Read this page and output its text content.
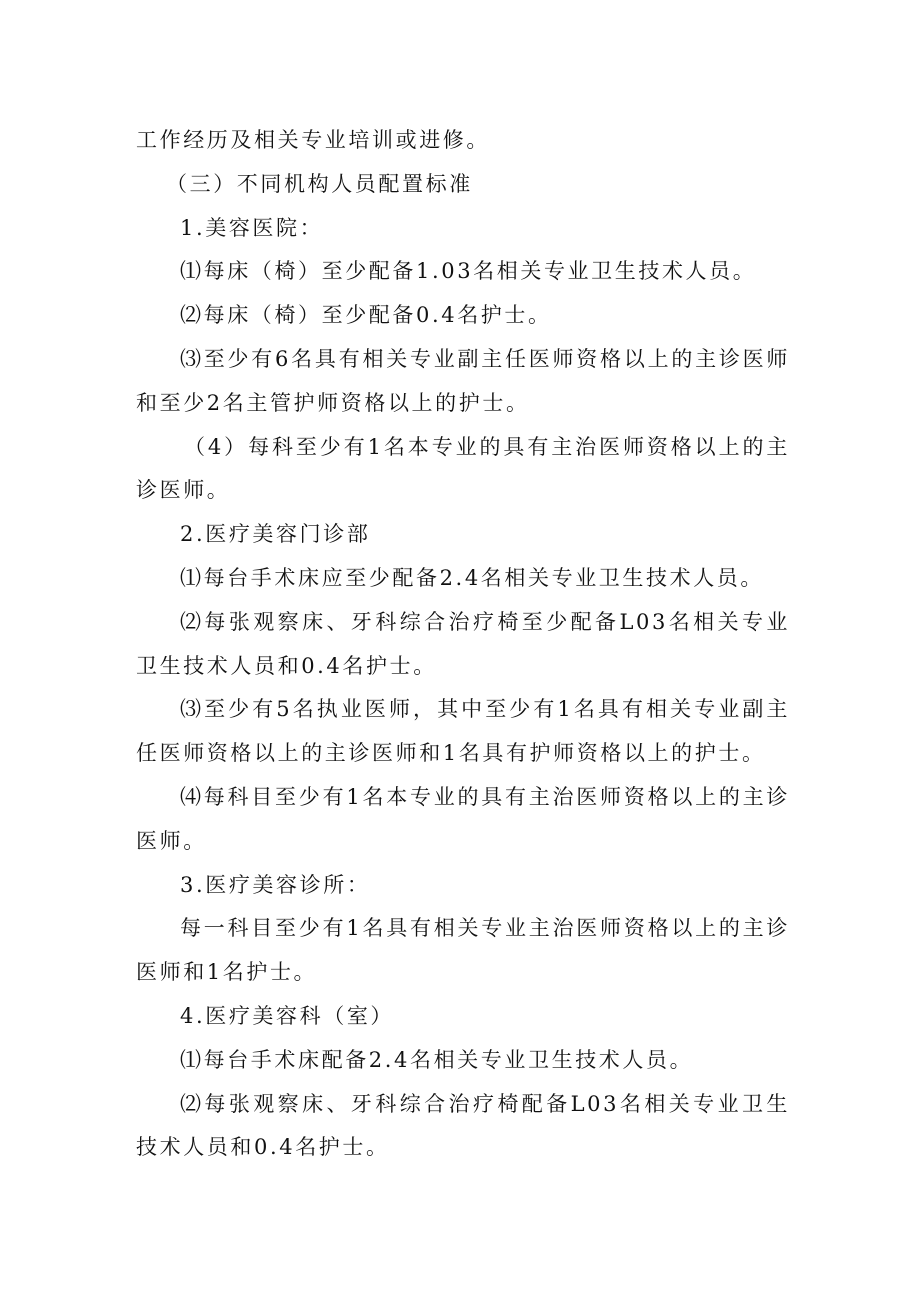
工作经历及相关专业培训或进修。

（三）不同机构人员配置标准

1.美容医院：

⑴每床（椅）至少配备1.03名相关专业卫生技术人员。

⑵每床（椅）至少配备0.4名护士。

⑶至少有6名具有相关专业副主任医师资格以上的主诊医师和至少2名主管护师资格以上的护士。

（4）每科至少有1名本专业的具有主治医师资格以上的主诊医师。

2.医疗美容门诊部

⑴每台手术床应至少配备2.4名相关专业卫生技术人员。

⑵每张观察床、牙科综合治疗椅至少配备L03名相关专业卫生技术人员和0.4名护士。

⑶至少有5名执业医师，其中至少有1名具有相关专业副主任医师资格以上的主诊医师和1名具有护师资格以上的护士。

⑷每科目至少有1名本专业的具有主治医师资格以上的主诊医师。

3.医疗美容诊所：

每一科目至少有1名具有相关专业主治医师资格以上的主诊医师和1名护士。

4.医疗美容科（室）

⑴每台手术床配备2.4名相关专业卫生技术人员。

⑵每张观察床、牙科综合治疗椅配备L03名相关专业卫生技术人员和0.4名护士。
